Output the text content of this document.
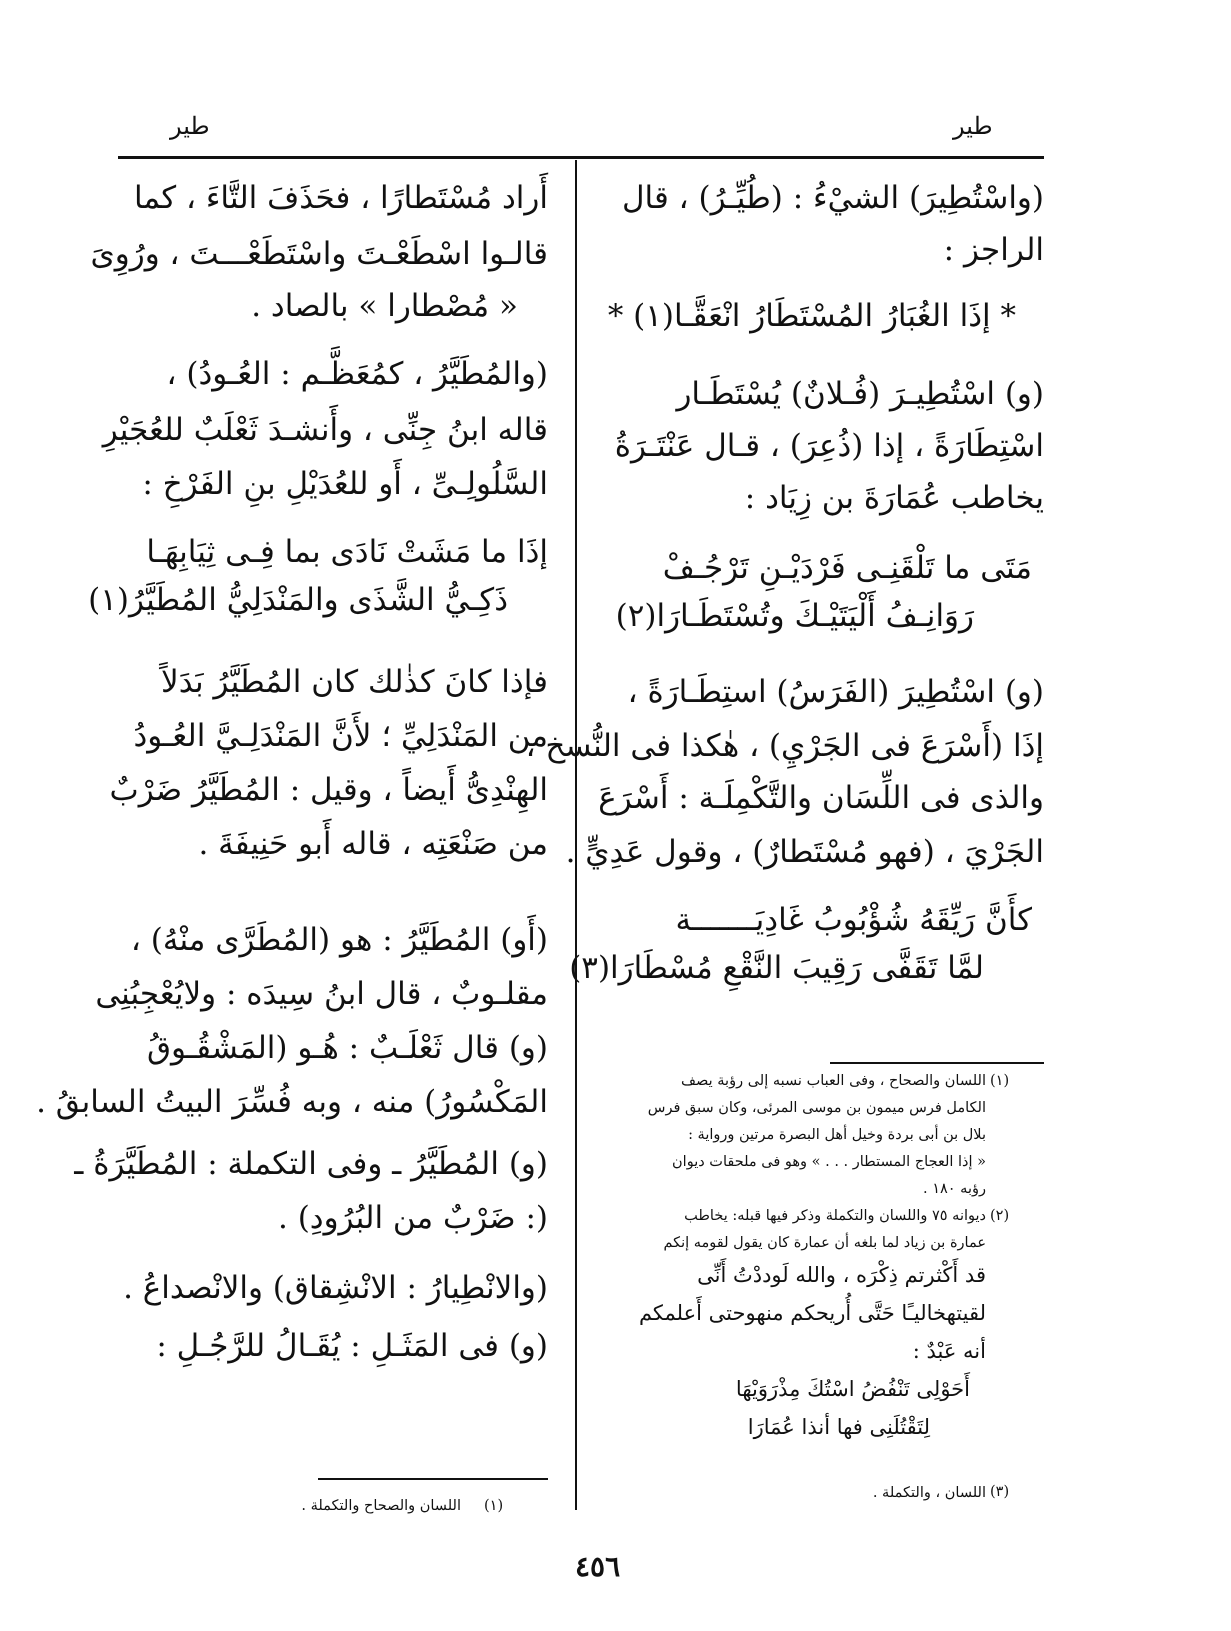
طير
طير
(واسْتُطِيرَ) الشيْءُ : (طُيِّـرُ) ، قال
الراجز :
* إذَا الغُبَارُ المُسْتَطَارُ انْعَقَّـا(١) *
(و) اسْتُطِيـرَ (فُـلانٌ) يُسْتَطَـار
اسْتِطَارَةً ، إذا (ذُعِرَ) ، قـال عَنْتَـرَةُ
يخاطب عُمَارَةَ بن زِيَاد :
مَتَى ما تَلْقَنِـى فَرْدَيْـنِ تَرْجُـفْ
رَوَانِـفُ أَلْيَتَيْـكَ وتُسْتَطَـارَا(٢)
(و) اسْتُطِيرَ (الفَرَسُ) استِطَـارَةً ،
إذَا (أَسْرَعَ فى الجَرْيِ) ، هٰكذا فى النُّسخ ،
والذى فى اللِّسَان والتَّكْمِلَـة : أَسْرَعَ
الجَرْيَ ، (فهو مُسْتَطارٌ) ، وقول عَدِيٍّ .
كأَنَّ رَيِّقَهُ شُؤْبُوبُ غَادِيَـــــــة
لمَّا تَقَفَّى رَقِيبَ النَّقْعِ مُسْطَارَا(٣)
(١)
اللسان والصحاح ، وفى العباب نسبه إلى رؤبة يصف
الكامل فرس ميمون بن موسى المرئى، وكان سبق فرس
بلال بن أبى بردة وخيل أهل البصرة مرتين ورواية :
« إذا العجاج المستطار . . . » وهو فى ملحقات ديوان
رؤبه ١٨٠ .
(٢)
ديوانه ٧٥ واللسان والتكملة وذكر فيها قبله: يخاطب
عمارة بن زياد لما بلغه أن عمارة كان يقول لقومه إنكم
قد أَكْثرتم ذِكْرَه ، والله لَوددْتُ أَنِّى
لقيتهخاليـًا حَتَّى أُريحكم منهوحتى أَعلمكم
أنه عَبْدٌ :
أَحَوْلِى تَنْفُضُ اسْتُكَ مِذْرَوَيْهَا
لِتَقْتُلَنِى فها أنذا عُمَارَا
(٣)
اللسان ، والتكملة .
أَراد مُسْتَطارًا ، فحَذَفَ التَّاءَ ، كما
قالـوا اسْطَعْـتَ واسْتَطَعْـــتَ ، ورُوِىَ
« مُصْطارا » بالصاد .
(والمُطَيَّرُ ، كمُعَظَّـم : العُـودُ) ،
قاله ابنُ جِنِّى ، وأَنشـدَ ثَعْلَبٌ للعُجَيْرِ
السَّلُولِـىِّ ، أَو للعُدَيْلِ بنِ الفَرْخِ :
إذَا ما مَشَتْ نَادَى بما فِـى ثِيَابِهَـا
ذَكِـيُّ الشَّذَى والمَنْدَلِيُّ المُطَيَّرُ(١)
فإذا كانَ كذٰلك كان المُطَيَّرُ بَدَلاً
من المَنْدَلِيِّ ؛ لأَنَّ المَنْدَلِـيَّ العُـودُ
الهِنْدِىُّ أَيضاً ، وقيل : المُطَيَّرُ ضَرْبٌ
من صَنْعَتِه ، قاله أَبو حَنِيفَةَ .
(أَو) المُطَيَّرُ : هو (المُطَرَّى منْهُ) ،
مقلـوبٌ ، قال ابنُ سِيدَه : ولايُعْجِبُنِى
(و) قال ثَعْلَـبٌ : هُـو (المَشْقُـوقُ
المَكْسُورُ) منه ، وبه فُسِّرَ البيتُ السابقُ .
(و) المُطَيَّرُ ـ وفى التكملة : المُطَيَّرَةُ ـ
(: ضَرْبٌ من البُرُودِ) .
(والانْطِيارُ : الانْشِقاق) والانْصداعُ .
(و) فى المَثَـلِ : يُقَـالُ للرَّجُـلِ :
(١)
اللسان والصحاح والتكملة .
٤٥٦
